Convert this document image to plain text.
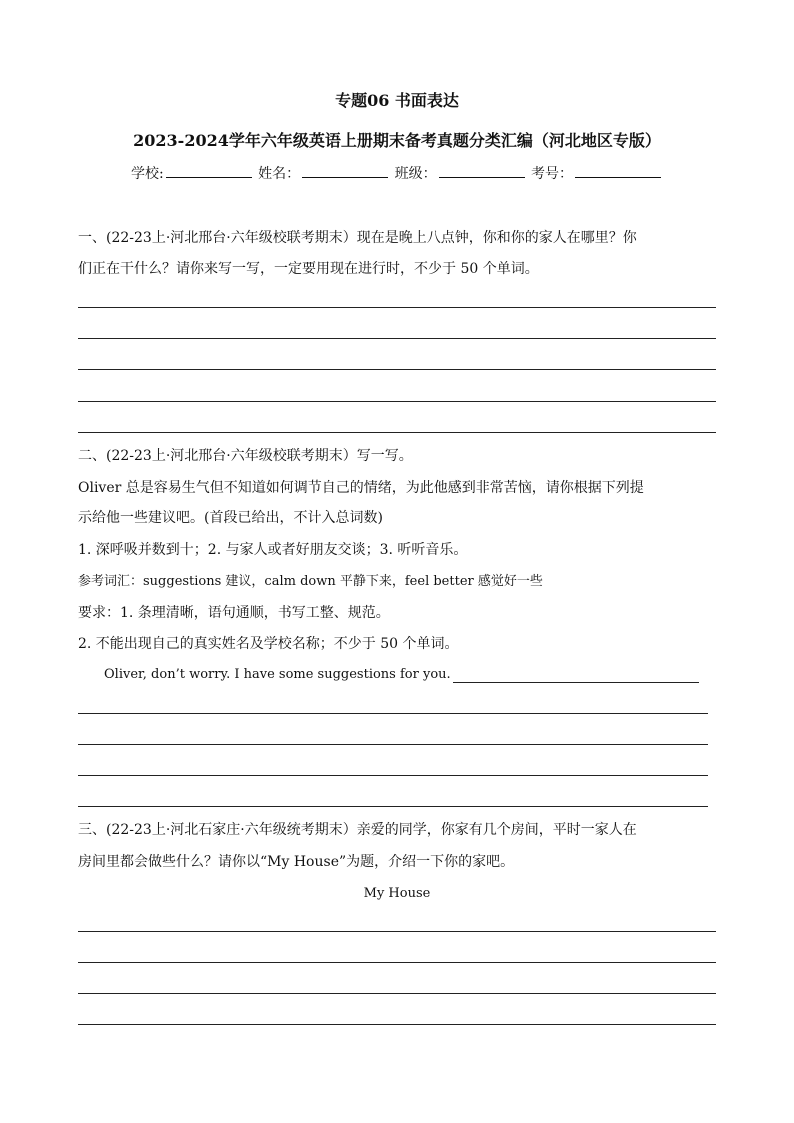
专题06 书面表达
2023-2024学年六年级英语上册期末备考真题分类汇编（河北地区专版）
学校:	姓名：	班级：	考号：
一、(22-23上·河北邢台·六年级校联考期末）现在是晚上八点钟，你和你的家人在哪里？你
们正在干什么？请你来写一写，一定要用现在进行时，不少于 50 个单词。
二、(22-23上·河北邢台·六年级校联考期末）写一写。
Oliver 总是容易生气但不知道如何调节自己的情绪，为此他感到非常苦恼，请你根据下列提
示给他一些建议吧。(首段已给出，不计入总词数)
1. 深呼吸并数到十；2. 与家人或者好朋友交谈；3. 听听音乐。
参考词汇：suggestions 建议，calm down 平静下来，feel better 感觉好一些
要求：1. 条理清晰，语句通顺，书写工整、规范。
2. 不能出现自己的真实姓名及学校名称；不少于 50 个单词。
Oliver, don’t worry. I have some suggestions for you.
三、(22-23上·河北石家庄·六年级统考期末）亲爱的同学，你家有几个房间，平时一家人在
房间里都会做些什么？请你以“My House”为题，介绍一下你的家吧。
My House
